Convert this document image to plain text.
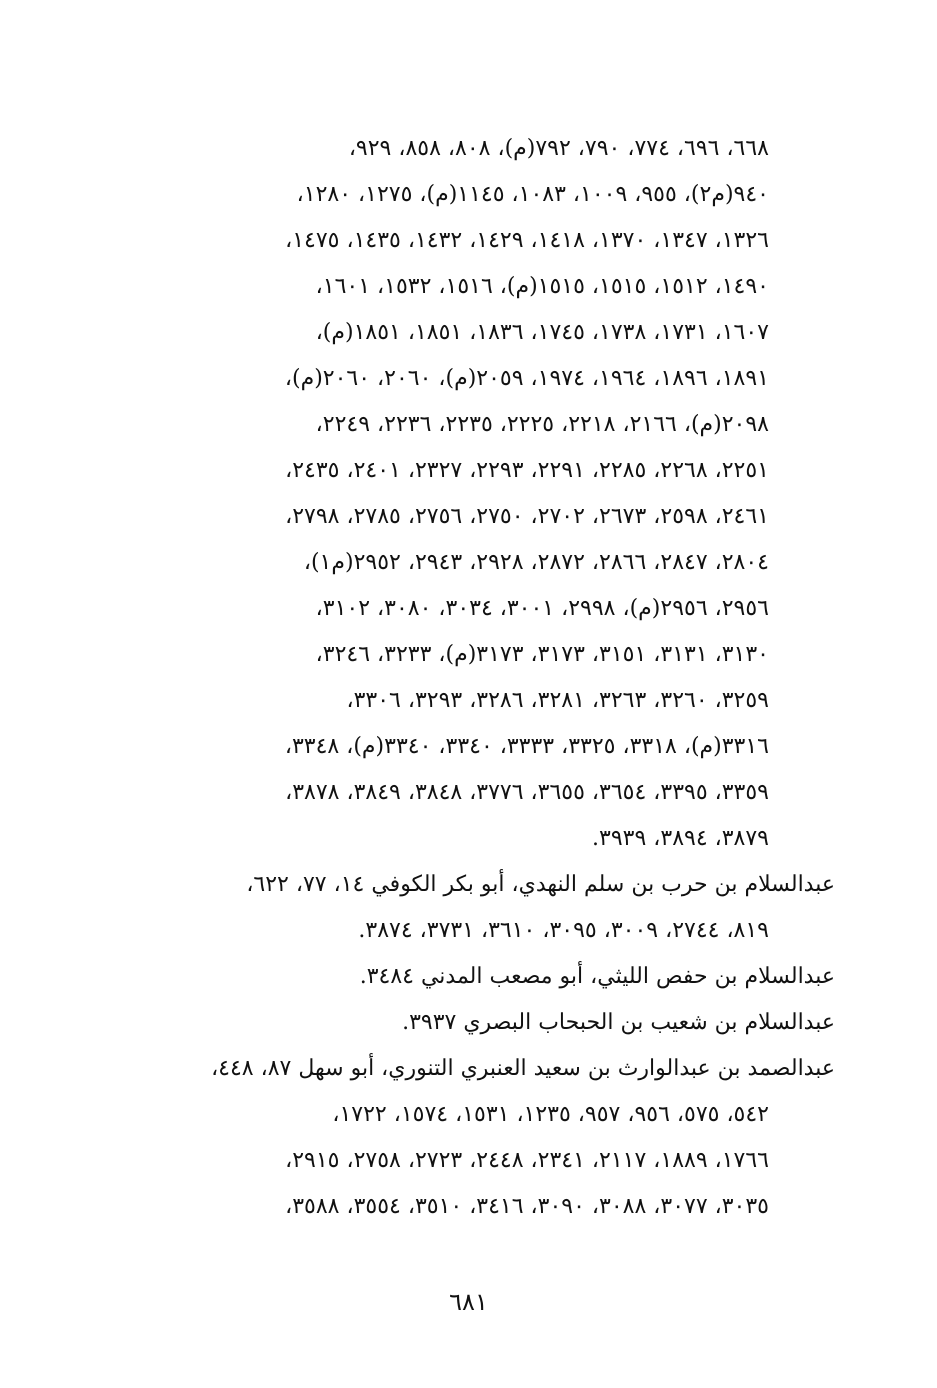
٦٦٨، ٦٩٦، ٧٧٤، ٧٩٠، ٧٩٢(م)، ٨٠٨، ٨٥٨، ٩٢٩،
٩٤٠(م٢)، ٩٥٥، ١٠٠٩، ١٠٨٣، ١١٤٥(م)، ١٢٧٥، ١٢٨٠،
١٣٢٦، ١٣٤٧، ١٣٧٠، ١٤١٨، ١٤٢٩، ١٤٣٢، ١٤٣٥، ١٤٧٥،
١٤٩٠، ١٥١٢، ١٥١٥، ١٥١٥(م)، ١٥١٦، ١٥٣٢، ١٦٠١،
١٦٠٧، ١٧٣١، ١٧٣٨، ١٧٤٥، ١٨٣٦، ١٨٥١، ١٨٥١(م)،
١٨٩١، ١٨٩٦، ١٩٦٤، ١٩٧٤، ٢٠٥٩(م)، ٢٠٦٠، ٢٠٦٠(م)،
٢٠٩٨(م)، ٢١٦٦، ٢٢١٨، ٢٢٢٥، ٢٢٣٥، ٢٢٣٦، ٢٢٤٩،
٢٢٥١، ٢٢٦٨، ٢٢٨٥، ٢٢٩١، ٢٢٩٣، ٢٣٢٧، ٢٤٠١، ٢٤٣٥،
٢٤٦١، ٢٥٩٨، ٢٦٧٣، ٢٧٠٢، ٢٧٥٠، ٢٧٥٦، ٢٧٨٥، ٢٧٩٨،
٢٨٠٤، ٢٨٤٧، ٢٨٦٦، ٢٨٧٢، ٢٩٢٨، ٢٩٤٣، ٢٩٥٢(م١)،
٢٩٥٦، ٢٩٥٦(م)، ٢٩٩٨، ٣٠٠١، ٣٠٣٤، ٣٠٨٠، ٣١٠٢،
٣١٣٠، ٣١٣١، ٣١٥١، ٣١٧٣، ٣١٧٣(م)، ٣٢٣٣، ٣٢٤٦،
٣٢٥٩، ٣٢٦٠، ٣٢٦٣، ٣٢٨١، ٣٢٨٦، ٣٢٩٣، ٣٣٠٦،
٣٣١٦(م)، ٣٣١٨، ٣٣٢٥، ٣٣٣٣، ٣٣٤٠، ٣٣٤٠(م)، ٣٣٤٨،
٣٣٥٩، ٣٣٩٥، ٣٦٥٤، ٣٦٥٥، ٣٧٧٦، ٣٨٤٨، ٣٨٤٩، ٣٨٧٨،
٣٨٧٩، ٣٨٩٤، ٣٩٣٩.
عبدالسلام بن حرب بن سلم النهدي، أبو بكر الكوفي ١٤، ٧٧، ٦٢٢،
٨١٩، ٢٧٤٤، ٣٠٠٩، ٣٠٩٥، ٣٦١٠، ٣٧٣١، ٣٨٧٤.
عبدالسلام بن حفص الليثي، أبو مصعب المدني ٣٤٨٤.
عبدالسلام بن شعيب بن الحبحاب البصري ٣٩٣٧.
عبدالصمد بن عبدالوارث بن سعيد العنبري التنوري، أبو سهل ٨٧، ٤٤٨،
٥٤٢، ٥٧٥، ٩٥٦، ٩٥٧، ١٢٣٥، ١٥٣١، ١٥٧٤، ١٧٢٢،
١٧٦٦، ١٨٨٩، ٢١١٧، ٢٣٤١، ٢٤٤٨، ٢٧٢٣، ٢٧٥٨، ٢٩١٥،
٣٠٣٥، ٣٠٧٧، ٣٠٨٨، ٣٠٩٠، ٣٤١٦، ٣٥١٠، ٣٥٥٤، ٣٥٨٨،
٦٨١
